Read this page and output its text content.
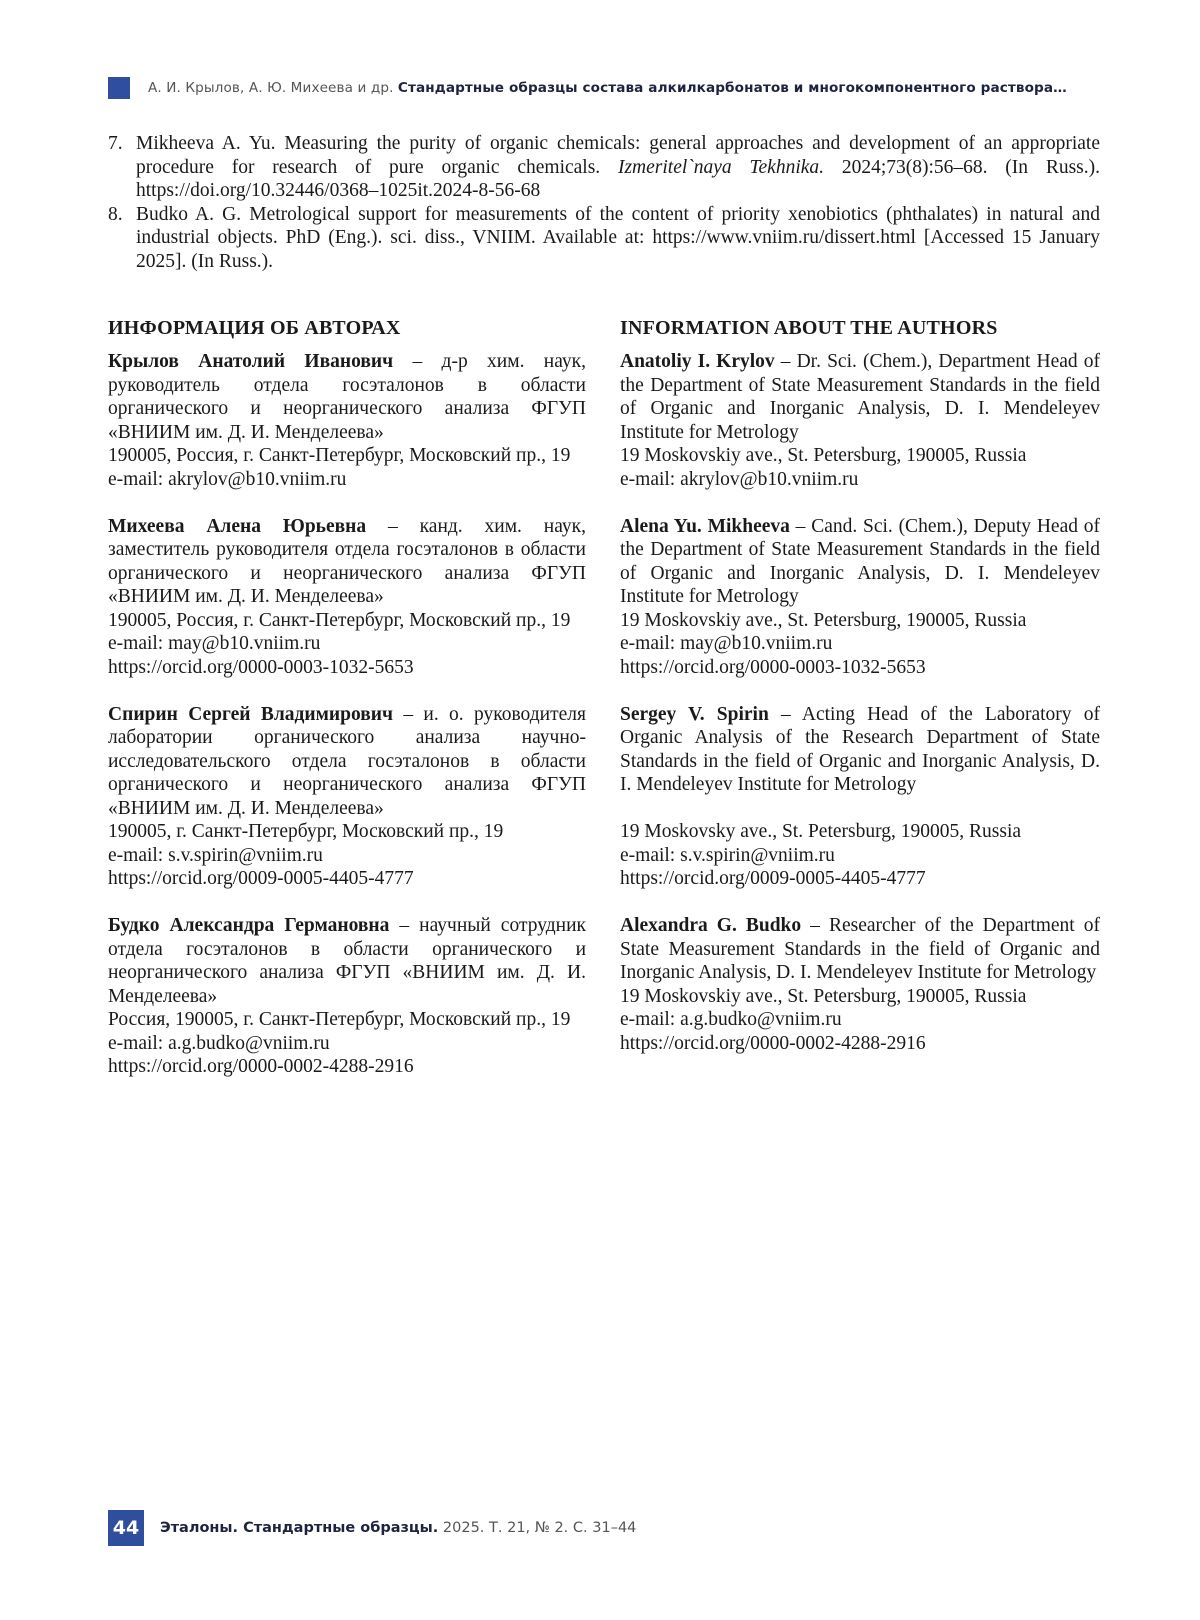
А. И. Крылов, А. Ю. Михеева и др. Стандартные образцы состава алкилкарбонатов и многокомпонентного раствора…
7. Mikheeva A. Yu. Measuring the purity of organic chemicals: general approaches and development of an appropriate procedure for research of pure organic chemicals. Izmeritel`naya Tekhnika. 2024;73(8):56–68. (In Russ.). https://doi.org/10.32446/0368–1025it.2024-8-56-68
8. Budko A. G. Metrological support for measurements of the content of priority xenobiotics (phthalates) in natural and industrial objects. PhD (Eng.). sci. diss., VNIIM. Available at: https://www.vniim.ru/dissert.html [Accessed 15 January 2025]. (In Russ.).
ИНФОРМАЦИЯ ОБ АВТОРАХ
Крылов Анатолий Иванович – д-р хим. наук, руководитель отдела госэталонов в области органического и неорганического анализа ФГУП «ВНИИМ им. Д. И. Менделеева»
190005, Россия, г. Санкт-Петербург, Московский пр., 19
e-mail: akrylov@b10.vniim.ru
Михеева Алена Юрьевна – канд. хим. наук, заместитель руководителя отдела госэталонов в области органического и неорганического анализа ФГУП «ВНИИМ им. Д. И. Менделеева»
190005, Россия, г. Санкт-Петербург, Московский пр., 19
e-mail: may@b10.vniim.ru
https://orcid.org/0000-0003-1032-5653
Спирин Сергей Владимирович – и. о. руководителя лаборатории органического анализа научно-исследовательского отдела госэталонов в области органического и неорганического анализа ФГУП «ВНИИМ им. Д. И. Менделеева»
190005, г. Санкт-Петербург, Московский пр., 19
e-mail: s.v.spirin@vniim.ru
https://orcid.org/0009-0005-4405-4777
Будко Александра Германовна – научный сотрудник отдела госэталонов в области органического и неорганического анализа ФГУП «ВНИИМ им. Д. И. Менделеева»
Россия, 190005, г. Санкт-Петербург, Московский пр., 19
e-mail: a.g.budko@vniim.ru
https://orcid.org/0000-0002-4288-2916
INFORMATION ABOUT THE AUTHORS
Anatoliy I. Krylov – Dr. Sci. (Chem.), Department Head of the Department of State Measurement Standards in the field of Organic and Inorganic Analysis, D. I. Mendeleyev Institute for Metrology
19 Moskovskiy ave., St. Petersburg, 190005, Russia
e-mail: akrylov@b10.vniim.ru
Alena Yu. Mikheeva – Cand. Sci. (Chem.), Deputy Head of the Department of State Measurement Standards in the field of Organic and Inorganic Analysis, D. I. Mendeleyev Institute for Metrology
19 Moskovskiy ave., St. Petersburg, 190005, Russia
e-mail: may@b10.vniim.ru
https://orcid.org/0000-0003-1032-5653
Sergey V. Spirin – Acting Head of the Laboratory of Organic Analysis of the Research Department of State Standards in the field of Organic and Inorganic Analysis, D. I. Mendeleyev Institute for Metrology
19 Moskovsky ave., St. Petersburg, 190005, Russia
e-mail: s.v.spirin@vniim.ru
https://orcid.org/0009-0005-4405-4777
Alexandra G. Budko – Researcher of the Department of State Measurement Standards in the field of Organic and Inorganic Analysis, D. I. Mendeleyev Institute for Metrology
19 Moskovskiy ave., St. Petersburg, 190005, Russia
e-mail: a.g.budko@vniim.ru
https://orcid.org/0000-0002-4288-2916
44	Эталоны. Стандартные образцы. 2025. Т. 21, № 2. С. 31–44
